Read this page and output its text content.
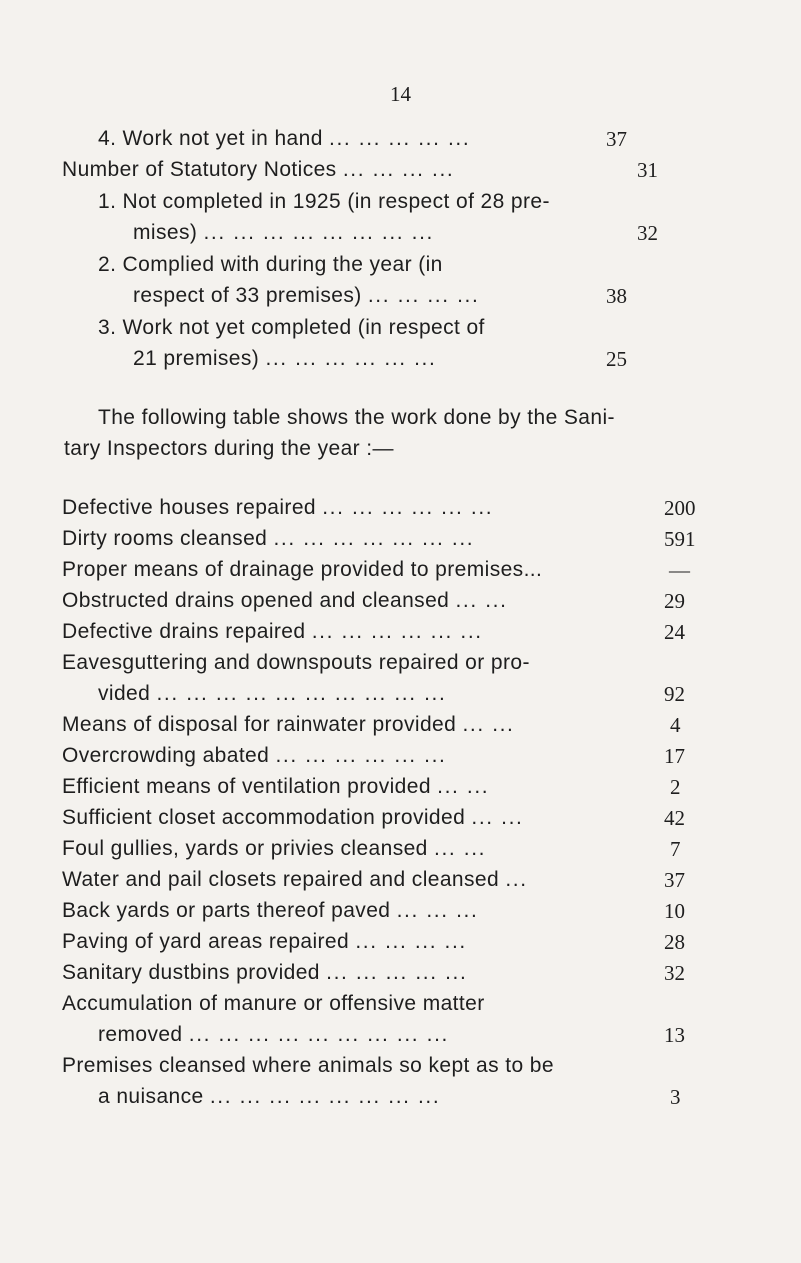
14
4. Work not yet in hand ... ... ... ... ...	37
Number of Statutory Notices ... ... ... ...	31
1. Not completed in 1925 (in respect of 28 pre-
mises) ... ... ... ... ... ... ... ...	32
2. Complied with during the year (in
respect of 33 premises) ... ... ... ...	38
3. Work not yet completed (in respect of
21 premises) ... ... ... ... ... ...	25
The following table shows the work done by the Sani-
tary Inspectors during the year :—
Defective houses repaired ... ... ... ... ... ...	200
Dirty rooms cleansed ... ... ... ... ... ... ...	591
Proper means of drainage provided to premises...	—
Obstructed drains opened and cleansed ... ...	29
Defective drains repaired ... ... ... ... ... ...	24
Eavesguttering and downspouts repaired or pro-
vided ... ... ... ... ... ... ... ... ... ...	92
Means of disposal for rainwater provided ... ...	4
Overcrowding abated ... ... ... ... ... ...	17
Efficient means of ventilation provided ... ...	2
Sufficient closet accommodation provided ... ...	42
Foul gullies, yards or privies cleansed ... ...	7
Water and pail closets repaired and cleansed ...	37
Back yards or parts thereof paved ... ... ...	10
Paving of yard areas repaired ... ... ... ...	28
Sanitary dustbins provided ... ... ... ... ...	32
Accumulation of manure or offensive matter
removed ... ... ... ... ... ... ... ... ...	13
Premises cleansed where animals so kept as to be
a nuisance ... ... ... ... ... ... ... ...	3
